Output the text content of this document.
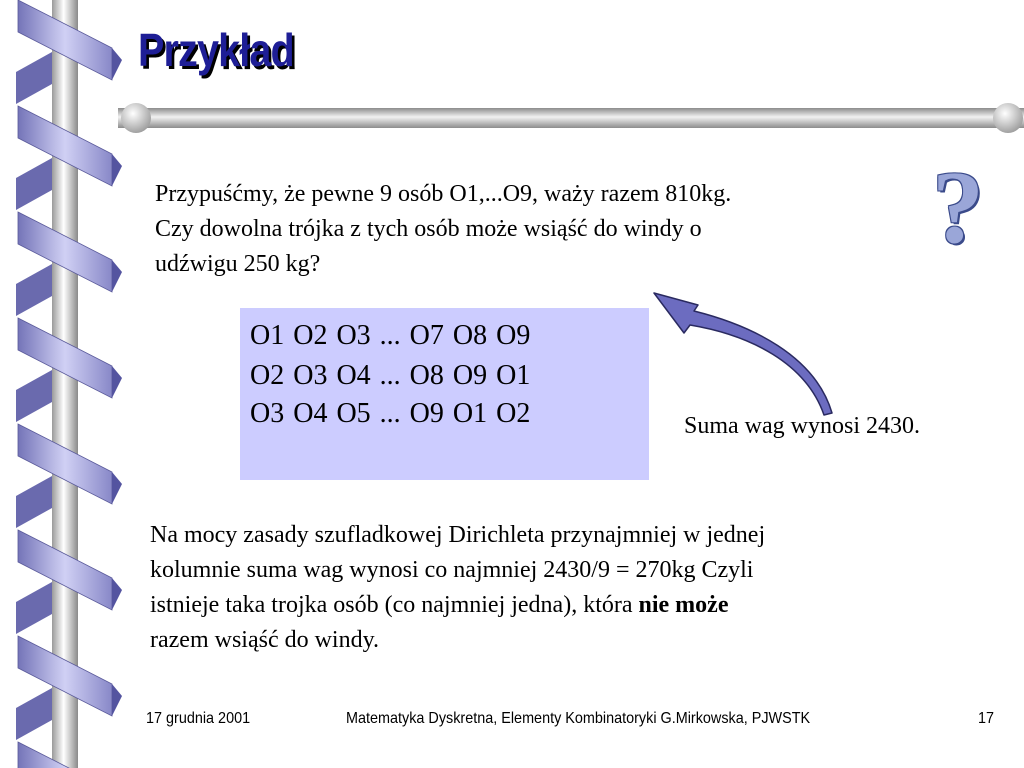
Przykład
?
Przypuśćmy, że pewne 9 osób O1,...O9, waży razem 810kg.
Czy dowolna trójka z tych osób może wsiąść do windy o
udźwigu 250 kg?
O1 O2 O3 ... O7 O8 O9
O2 O3 O4 ... O8 O9 O1
O3 O4 O5 ... O9 O1 O2	Suma wag wynosi 2430.
Na mocy zasady szufladkowej Dirichleta przynajmniej w jednej
kolumnie suma wag wynosi co najmniej 2430/9 = 270kg Czyli
istnieje taka trojka osób (co najmniej jedna), która nie może
razem wsiąść do windy.
17 grudnia 2001	Matematyka Dyskretna, Elementy Kombinatoryki G.Mirkowska, PJWSTK	17
